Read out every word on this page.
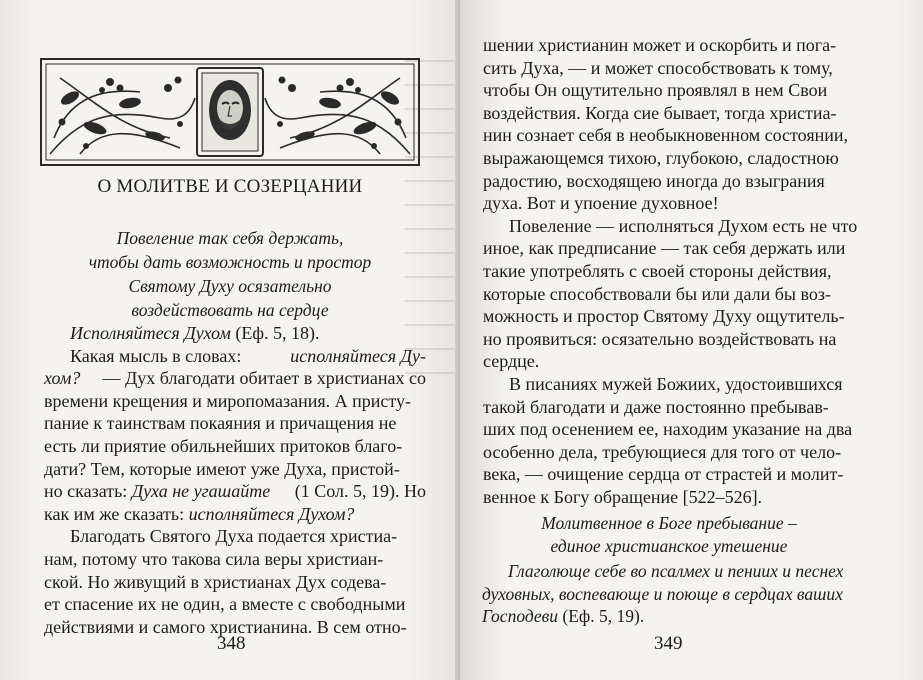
О МОЛИТВЕ И СОЗЕРЦАНИИ
Повеление так себя держать,
чтобы дать возможность и простор
Святому Духу осязательно
воздействовать на сердце
Исполняйтеся Духом (Еф. 5, 18).
Какая мысль в словах:	исполняйтеся Ду-
хом? — Дух благодати обитает в христианах со
времени крещения и миропомазания. А присту-
пание к таинствам покаяния и причащения не
есть ли приятие обильнейших притоков благо-
дати? Тем, которые имеют уже Духа, пристой-
но сказать: Духа не угашайте (1 Сол. 5, 19). Но
как им же сказать: исполняйтеся Духом?
Благодать Святого Духа подается христиа-
нам, потому что такова сила веры христиан-
ской. Но живущий в христианах Дух содева-
ет спасение их не один, а вместе с свободными
действиями и самого христианина. В сем отно-
348
шении христианин может и оскорбить и пога-
сить Духа, — и может способствовать к тому,
чтобы Он ощутительно проявлял в нем Свои
воздействия. Когда сие бывает, тогда христиа-
нин сознает себя в необыкновенном состоянии,
выражающемся тихою, глубокою, сладостною
радостию, восходящею иногда до взыграния
духа. Вот и упоение духовное!
Повеление — исполняться Духом есть не что
иное, как предписание — так себя держать или
такие употреблять с своей стороны действия,
которые способствовали бы или дали бы воз-
можность и простор Святому Духу ощутитель-
но проявиться: осязательно воздействовать на
сердце.
В писаниях мужей Божиих, удостоившихся
такой благодати и даже постоянно пребывав-
ших под осенением ее, находим указание на два
особенно дела, требующиеся для того от чело-
века, — очищение сердца от страстей и молит-
венное к Богу обращение [522–526].
Молитвенное в Боге пребывание –
единое христианское утешение
Глаголюще себе во псалмех и пениих и песнех
духовных, воспевающе и поюще в сердцах ваших
Господеви (Еф. 5, 19).
349
